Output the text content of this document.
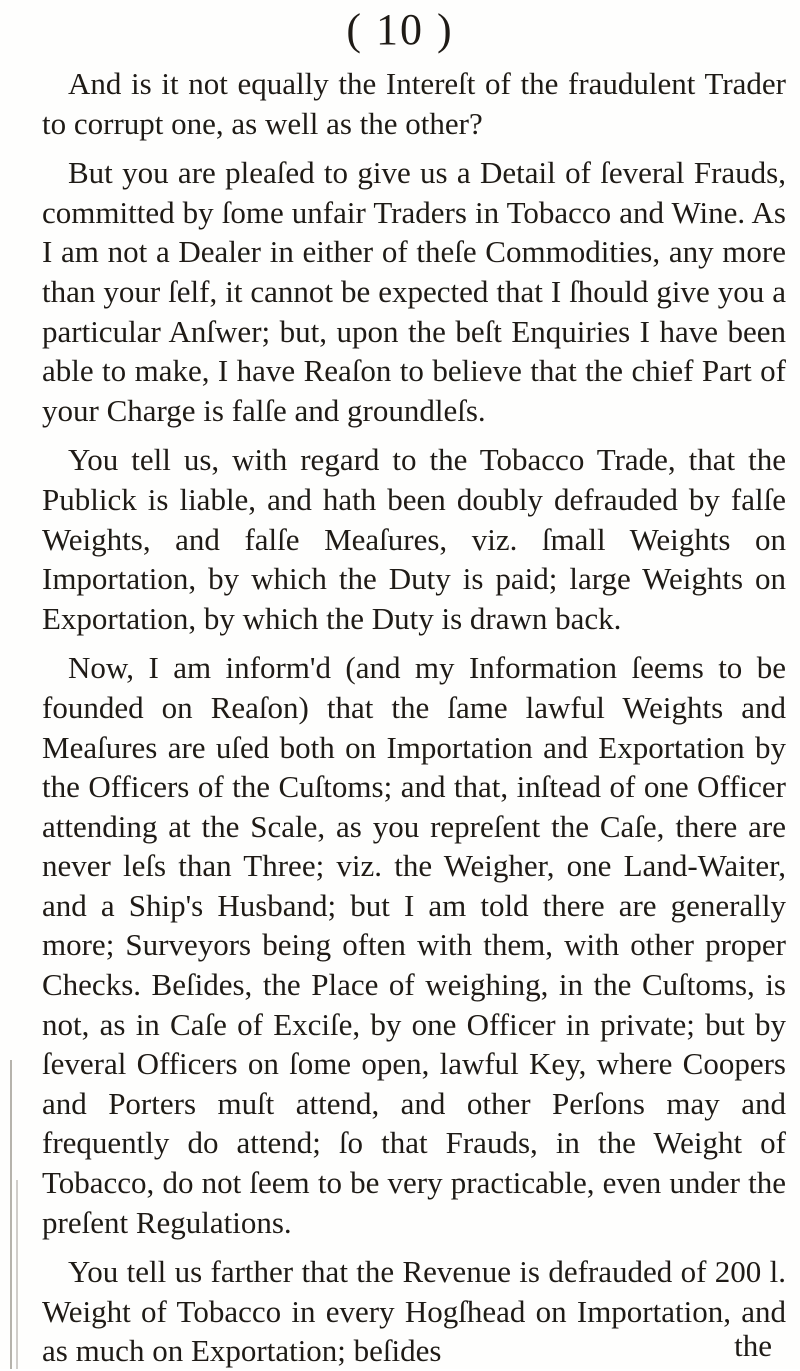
( 10 )

And is it not equally the Intereſt of the fraudulent Trader to corrupt one, as well as the other?

But you are pleaſed to give us a Detail of ſeveral Frauds, committed by ſome unfair Traders in Tobacco and Wine. As I am not a Dealer in either of theſe Commodities, any more than your ſelf, it cannot be expected that I ſhould give you a particular Anſwer; but, upon the beſt Enquiries I have been able to make, I have Reaſon to believe that the chief Part of your Charge is falſe and groundleſs.

You tell us, with regard to the Tobacco Trade, that the Publick is liable, and hath been doubly defrauded by falſe Weights, and falſe Meaſures, viz. ſmall Weights on Importation, by which the Duty is paid; large Weights on Exportation, by which the Duty is drawn back.

Now, I am inform'd (and my Information ſeems to be founded on Reaſon) that the ſame lawful Weights and Meaſures are uſed both on Importation and Exportation by the Officers of the Cuſtoms; and that, inſtead of one Officer attending at the Scale, as you repreſent the Caſe, there are never leſs than Three; viz. the Weigher, one Land-Waiter, and a Ship's Husband; but I am told there are generally more; Surveyors being often with them, with other proper Checks. Beſides, the Place of weighing, in the Cuſtoms, is not, as in Caſe of Exciſe, by one Officer in private; but by ſeveral Officers on ſome open, lawful Key, where Coopers and Porters muſt attend, and other Perſons may and frequently do attend; ſo that Frauds, in the Weight of Tobacco, do not ſeem to be very practicable, even under the preſent Regulations.

You tell us farther that the Revenue is defrauded of 200 l. Weight of Tobacco in every Hogſhead on Importation, and as much on Exportation; beſides	the
